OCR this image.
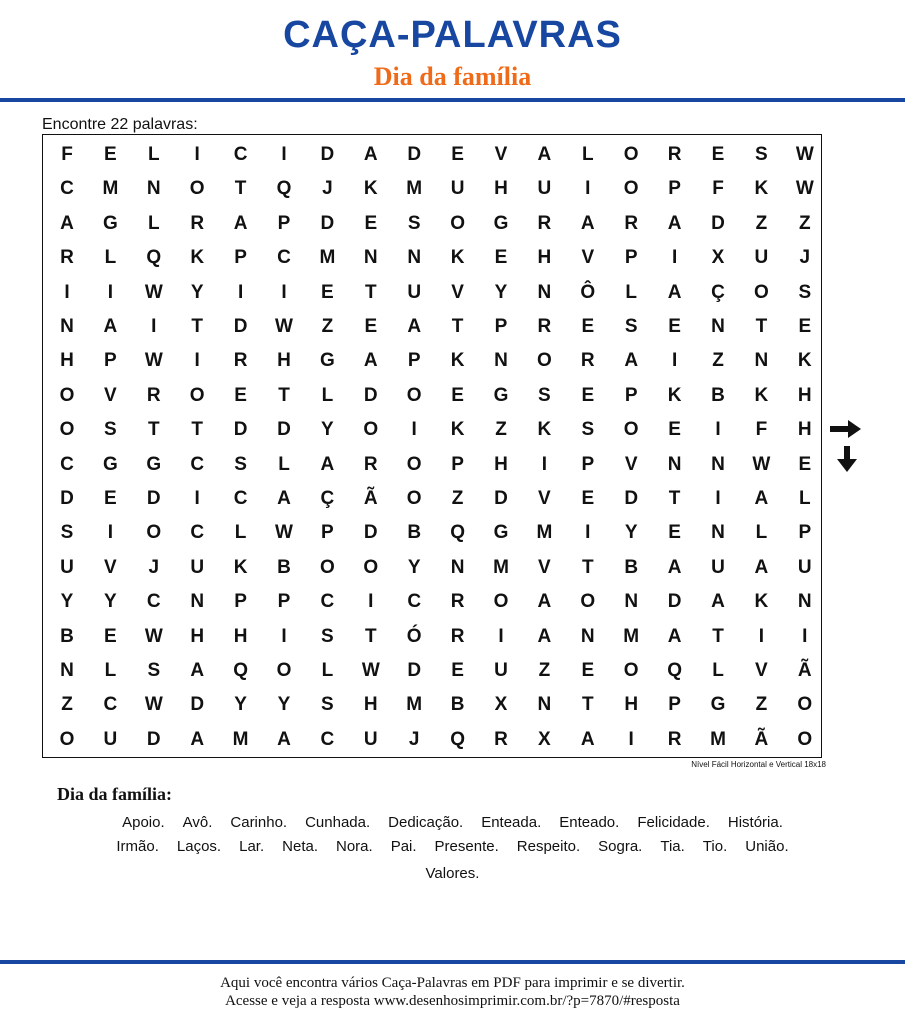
CAÇA-PALAVRAS
Dia da família
Encontre 22 palavras:
F	E	L	I	C	I	D	A	D	E	V	A	L	O	R	E	S	W
C	M	N	O	T	Q	J	K	M	U	H	U	I	O	P	F	K	W
A	G	L	R	A	P	D	E	S	O	G	R	A	R	A	D	Z	Z
R	L	Q	K	P	C	M	N	N	K	E	H	V	P	I	X	U	J
I	I	W	Y	I	I	E	T	U	V	Y	N	Ô	L	A	Ç	O	S
N	A	I	T	D	W	Z	E	A	T	P	R	E	S	E	N	T	E
H	P	W	I	R	H	G	A	P	K	N	O	R	A	I	Z	N	K
O	V	R	O	E	T	L	D	O	E	G	S	E	P	K	B	K	H
O	S	T	T	D	D	Y	O	I	K	Z	K	S	O	E	I	F	H
C	G	G	C	S	L	A	R	O	P	H	I	P	V	N	N	W	E
D	E	D	I	C	A	Ç	Ã	O	Z	D	V	E	D	T	I	A	L
S	I	O	C	L	W	P	D	B	Q	G	M	I	Y	E	N	L	P
U	V	J	U	K	B	O	O	Y	N	M	V	T	B	A	U	A	U
Y	Y	C	N	P	P	C	I	C	R	O	A	O	N	D	A	K	N
B	E	W	H	H	I	S	T	Ó	R	I	A	N	M	A	T	I	I
N	L	S	A	Q	O	L	W	D	E	U	Z	E	O	Q	L	V	Ã
Z	C	W	D	Y	Y	S	H	M	B	X	N	T	H	P	G	Z	O
O	U	D	A	M	A	C	U	J	Q	R	X	A	I	R	M	Ã	O
Nível Fácil Horizontal e Vertical 18x18
Dia da família:
Apoio. Avô. Carinho. Cunhada. Dedicação. Enteada. Enteado. Felicidade. História.
Irmão. Laços. Lar. Neta. Nora. Pai. Presente. Respeito. Sogra. Tia. Tio. União.
Valores.
Aqui você encontra vários Caça-Palavras em PDF para imprimir e se divertir.
Acesse e veja a resposta www.desenhosimprimir.com.br/?p=7870/#resposta
